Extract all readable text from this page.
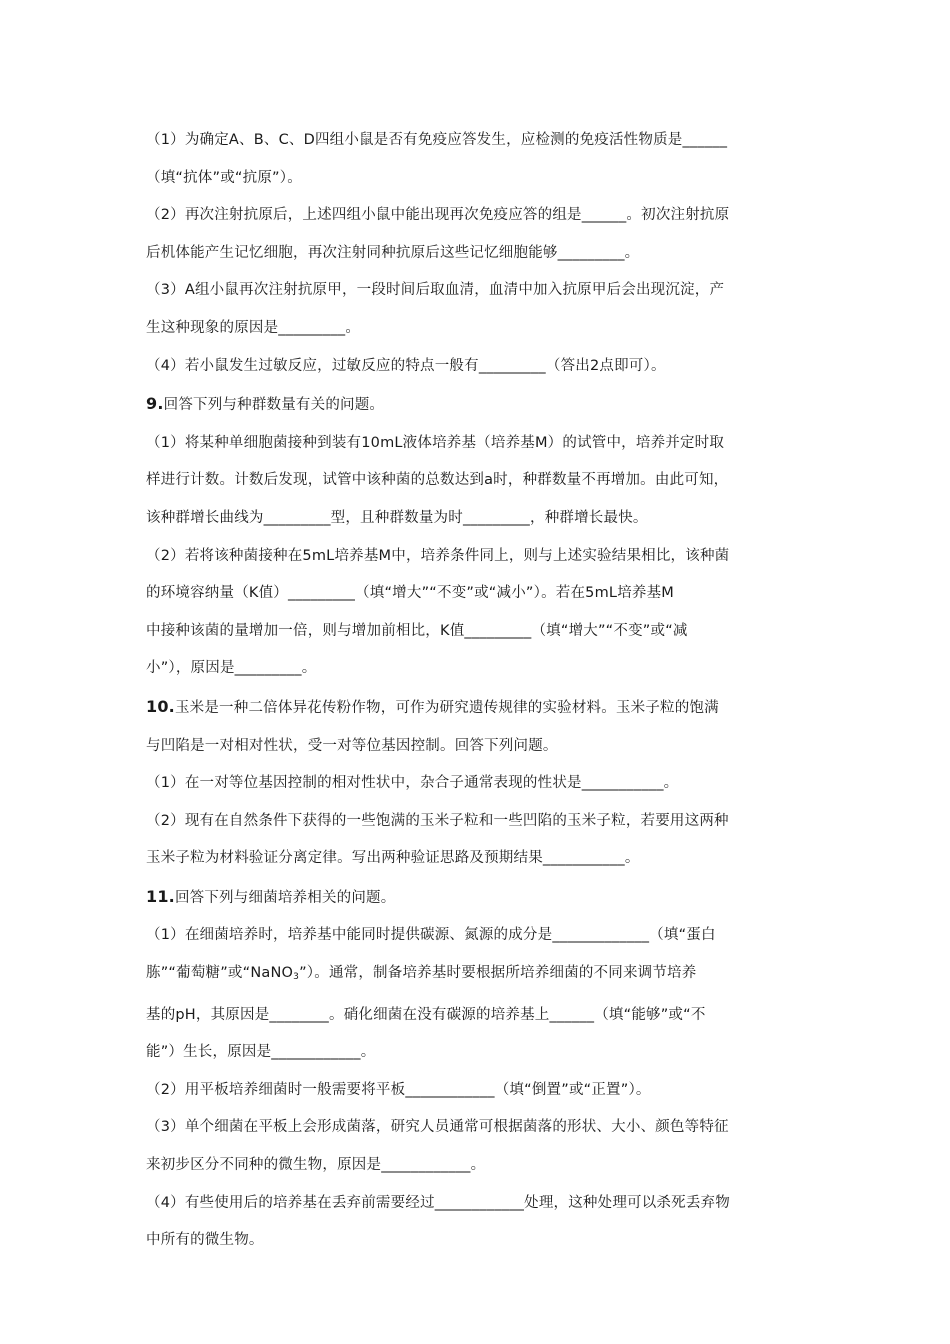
（1）为确定A、B、C、D四组小鼠是否有免疫应答发生，应检测的免疫活性物质是______
（填“抗体”或“抗原”）。
（2）再次注射抗原后，上述四组小鼠中能出现再次免疫应答的组是______。初次注射抗原
后机体能产生记忆细胞，再次注射同种抗原后这些记忆细胞能够_________。
（3）A组小鼠再次注射抗原甲，一段时间后取血清，血清中加入抗原甲后会出现沉淀，产
生这种现象的原因是_________。
（4）若小鼠发生过敏反应，过敏反应的特点一般有_________（答出2点即可）。
9.回答下列与种群数量有关的问题。
（1）将某种单细胞菌接种到装有10mL液体培养基（培养基M）的试管中，培养并定时取
样进行计数。计数后发现，试管中该种菌的总数达到a时，种群数量不再增加。由此可知，
该种群增长曲线为_________型，且种群数量为时_________，种群增长最快。
（2）若将该种菌接种在5mL培养基M中，培养条件同上，则与上述实验结果相比，该种菌
的环境容纳量（K值）_________（填“增大”“不变”或“减小”）。若在5mL培养基M
中接种该菌的量增加一倍，则与增加前相比，K值_________（填“增大”“不变”或“减
小”），原因是_________。
10.玉米是一种二倍体异花传粉作物，可作为研究遗传规律的实验材料。玉米子粒的饱满
与凹陷是一对相对性状，受一对等位基因控制。回答下列问题。
（1）在一对等位基因控制的相对性状中，杂合子通常表现的性状是___________。
（2）现有在自然条件下获得的一些饱满的玉米子粒和一些凹陷的玉米子粒，若要用这两种
玉米子粒为材料验证分离定律。写出两种验证思路及预期结果___________。
11.回答下列与细菌培养相关的问题。
（1）在细菌培养时，培养基中能同时提供碳源、氮源的成分是_____________（填“蛋白
胨”“葡萄糖”或“NaNO$_3$”）。通常，制备培养基时要根据所培养细菌的不同来调节培养
基的pH，其原因是________。硝化细菌在没有碳源的培养基上______（填“能够”或“不
能”）生长，原因是____________。
（2）用平板培养细菌时一般需要将平板____________（填“倒置”或“正置”）。
（3）单个细菌在平板上会形成菌落，研究人员通常可根据菌落的形状、大小、颜色等特征
来初步区分不同种的微生物，原因是____________。
（4）有些使用后的培养基在丢弃前需要经过____________处理，这种处理可以杀死丢弃物
中所有的微生物。
